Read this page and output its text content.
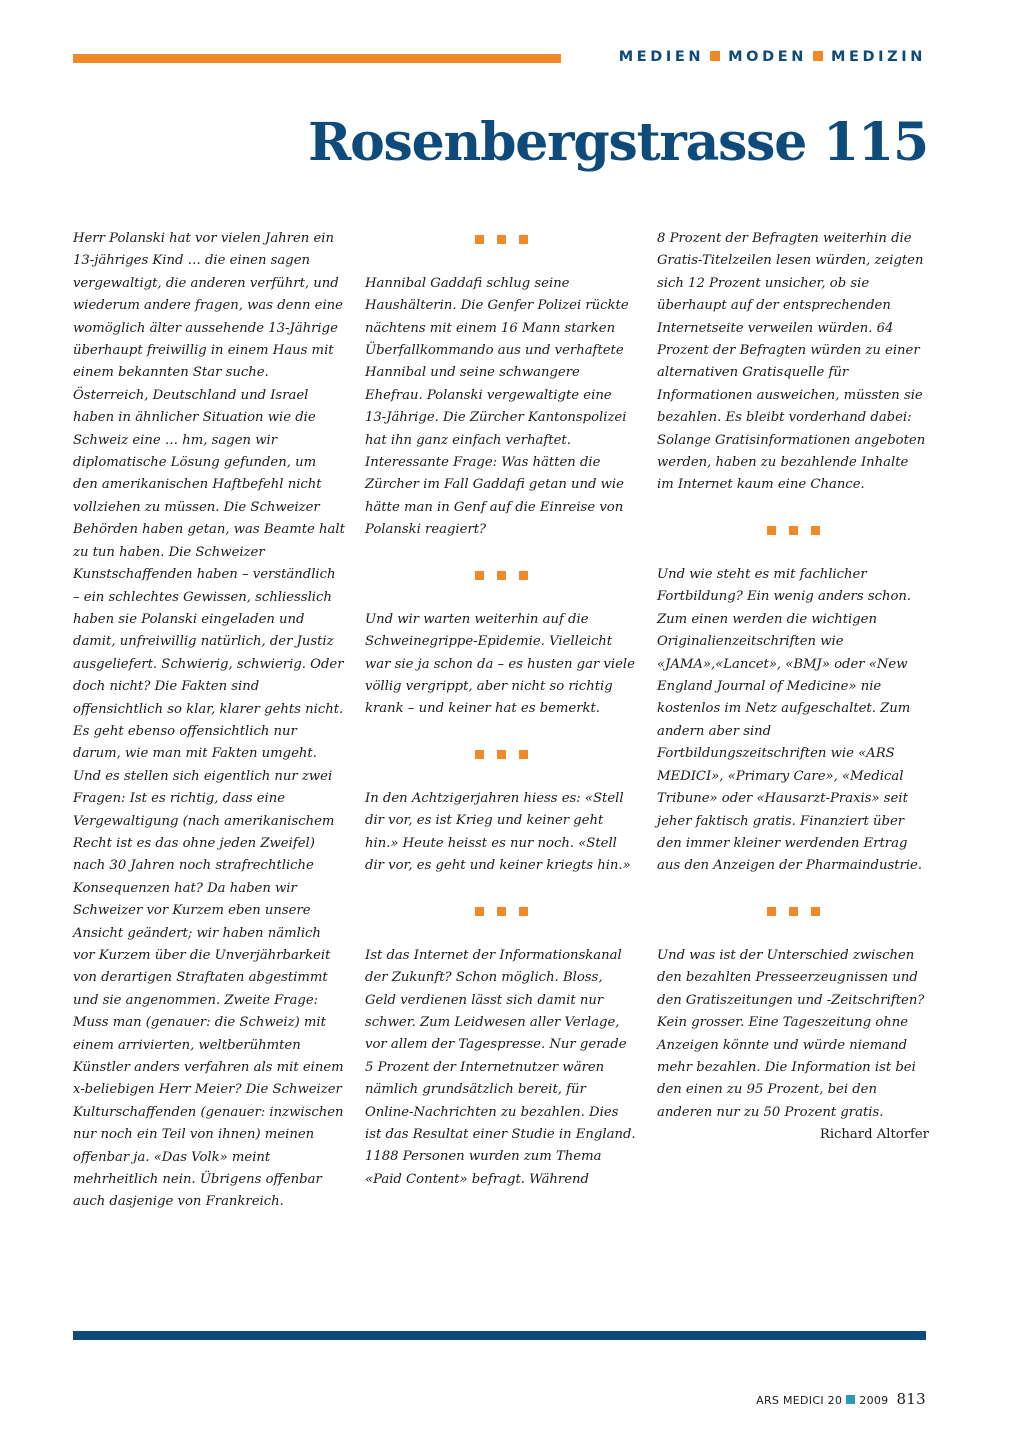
MEDIEN MODEN MEDIZIN
Rosenbergstrasse 115

Herr Polanski hat vor vielen Jahren ein 13-jähriges Kind … die einen sagen vergewaltigt, die anderen verführt, und wiederum andere fragen, was denn eine womöglich älter aussehende 13-Jährige überhaupt freiwillig in einem Haus mit einem bekannten Star suche. Österreich, Deutschland und Israel haben in ähnlicher Situation wie die Schweiz eine … hm, sagen wir diplomatische Lösung gefunden, um den amerikanischen Haftbefehl nicht vollziehen zu müssen. Die Schweizer Behörden haben getan, was Beamte halt zu tun haben. Die Schweizer Kunstschaffenden haben – verständlich – ein schlechtes Gewissen, schliesslich haben sie Polanski eingeladen und damit, unfreiwillig natürlich, der Justiz ausgeliefert. Schwierig, schwierig. Oder doch nicht? Die Fakten sind offensichtlich so klar, klarer gehts nicht. Es geht ebenso offensichtlich nur darum, wie man mit Fakten umgeht. Und es stellen sich eigentlich nur zwei Fragen: Ist es richtig, dass eine Vergewaltigung (nach amerikanischem Recht ist es das ohne jeden Zweifel) nach 30 Jahren noch strafrechtliche Konsequenzen hat? Da haben wir Schweizer vor Kurzem eben unsere Ansicht geändert; wir haben nämlich vor Kurzem über die Unverjährbarkeit von derartigen Straftaten abgestimmt und sie angenommen. Zweite Frage: Muss man (genauer: die Schweiz) mit einem arrivierten, weltberühmten Künstler anders verfahren als mit einem x-beliebigen Herr Meier? Die Schweizer Kulturschaffenden (genauer: inzwischen nur noch ein Teil von ihnen) meinen offenbar ja. «Das Volk» meint mehrheitlich nein. Übrigens offenbar auch dasjenige von Frankreich.

Hannibal Gaddafi schlug seine Haushälterin. Die Genfer Polizei rückte nächtens mit einem 16 Mann starken Überfallkommando aus und verhaftete Hannibal und seine schwangere Ehefrau. Polanski vergewaltigte eine 13-Jährige. Die Zürcher Kantonspolizei hat ihn ganz einfach verhaftet. Interessante Frage: Was hätten die Zürcher im Fall Gaddafi getan und wie hätte man in Genf auf die Einreise von Polanski reagiert?

Und wir warten weiterhin auf die Schweinegrippe-Epidemie. Vielleicht war sie ja schon da – es husten gar viele völlig vergrippt, aber nicht so richtig krank – und keiner hat es bemerkt.

In den Achtzigerjahren hiess es: «Stell dir vor, es ist Krieg und keiner geht hin.» Heute heisst es nur noch. «Stell dir vor, es geht und keiner kriegts hin.»

Ist das Internet der Informationskanal der Zukunft? Schon möglich. Bloss, Geld verdienen lässt sich damit nur schwer. Zum Leidwesen aller Verlage, vor allem der Tagespresse. Nur gerade 5 Prozent der Internetnutzer wären nämlich grundsätzlich bereit, für Online-Nachrichten zu bezahlen. Dies ist das Resultat einer Studie in England. 1188 Personen wurden zum Thema «Paid Content» befragt. Während

8 Prozent der Befragten weiterhin die Gratis-Titelzeilen lesen würden, zeigten sich 12 Prozent unsicher, ob sie überhaupt auf der entsprechenden Internetseite verweilen würden. 64 Prozent der Befragten würden zu einer alternativen Gratisquelle für Informationen ausweichen, müssten sie bezahlen. Es bleibt vorderhand dabei: Solange Gratisinformationen angeboten werden, haben zu bezahlende Inhalte im Internet kaum eine Chance.

Und wie steht es mit fachlicher Fortbildung? Ein wenig anders schon. Zum einen werden die wichtigen Originalienzeitschriften wie «JAMA»,«Lancet», «BMJ» oder «New England Journal of Medicine» nie kostenlos im Netz aufgeschaltet. Zum andern aber sind Fortbildungszeitschriften wie «ARS MEDICI», «Primary Care», «Medical Tribune» oder «Hausarzt-Praxis» seit jeher faktisch gratis. Finanziert über den immer kleiner werdenden Ertrag aus den Anzeigen der Pharmaindustrie.

Und was ist der Unterschied zwischen den bezahlten Presseerzeugnissen und den Gratiszeitungen und -Zeitschriften? Kein grosser. Eine Tageszeitung ohne Anzeigen könnte und würde niemand mehr bezahlen. Die Information ist bei den einen zu 95 Prozent, bei den anderen nur zu 50 Prozent gratis.

Richard Altorfer

ARS MEDICI 20 2009 813
